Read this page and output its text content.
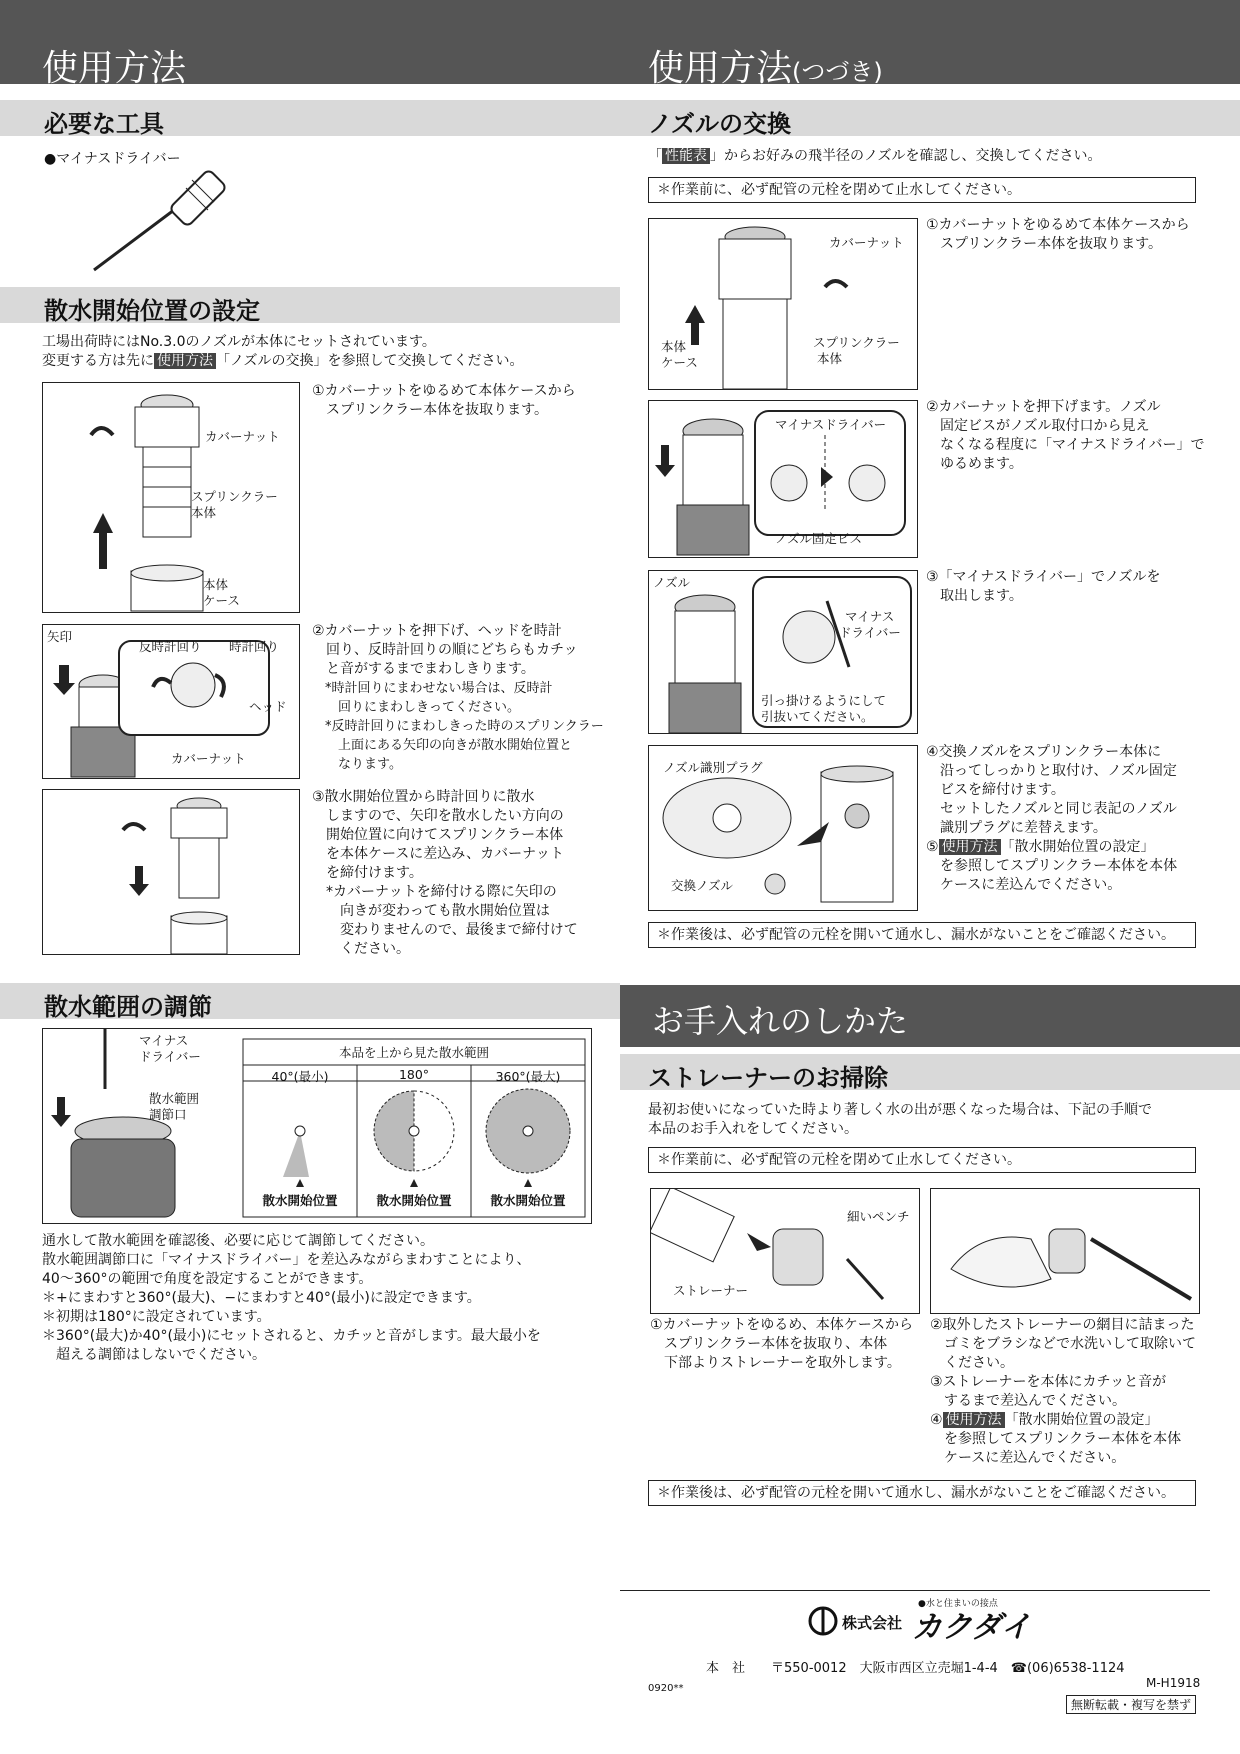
使用方法	使用方法(つづき)
必要な工具
●マイナスドライバー
散水開始位置の設定
工場出荷時にはNo.3.0のノズルが本体にセットされています。
変更する方は先に 使用方法 「ノズルの交換」を参照して交換してください。
カバーナット
スプリンクラー
本体
本体
ケース
①カバーナットをゆるめて本体ケースから
　スプリンクラー本体を抜取ります。
矢印
反時計回り 時計回り
ヘッド
カバーナット
②カバーナットを押下げ、ヘッドを時計
　回り、反時計回りの順にどちらもカチッ
　と音がするまでまわしきります。
　*時計回りにまわせない場合は、反時計
　　回りにまわしきってください。
　*反時計回りにまわしきった時のスプリンクラー
　　上面にある矢印の向きが散水開始位置と
　　なります。
③散水開始位置から時計回りに散水
　しますので、矢印を散水したい方向の
　開始位置に向けてスプリンクラー本体
　を本体ケースに差込み、カバーナット
　を締付けます。
　*カバーナットを締付ける際に矢印の
　　向きが変わっても散水開始位置は
　　変わりませんので、最後まで締付けて
　　ください。
散水範囲の調節
マイナス
ドライバー
散水範囲
調節口
本品を上から見た散水範囲
40°(最小)	180°	360°(最大)
散水開始位置	散水開始位置	散水開始位置
通水して散水範囲を確認後、必要に応じて調節してください。
散水範囲調節口に「マイナスドライバー」を差込みながらまわすことにより、
40～360°の範囲で角度を設定することができます。
＊+にまわすと360°(最大)、−にまわすと40°(最小)に設定できます。
＊初期は180°に設定されています。
＊360°(最大)か40°(最小)にセットされると、カチッと音がします。最大最小を
　超える調節はしないでください。
ノズルの交換
「 性能表 」からお好みの飛半径のノズルを確認し、交換してください。
＊作業前に、必ず配管の元栓を閉めて止水してください。
カバーナット
本体
ケース
スプリンクラー
本体
①カバーナットをゆるめて本体ケースから
　スプリンクラー本体を抜取ります。
マイナスドライバー
ノズル固定ビス
②カバーナットを押下げます。ノズル
　固定ビスがノズル取付口から見え
　なくなる程度に「マイナスドライバー」で
　ゆるめます。
ノズル
マイナス
ドライバー
引っ掛けるようにして
引抜いてください。
③「マイナスドライバー」でノズルを
　取出します。
ノズル識別プラグ
交換ノズル
④交換ノズルをスプリンクラー本体に
　沿ってしっかりと取付け、ノズル固定
　ビスを締付けます。
　セットしたノズルと同じ表記のノズル
　識別プラグに差替えます。
⑤ 使用方法 「散水開始位置の設定」
　を参照してスプリンクラー本体を本体
　ケースに差込んでください。
＊作業後は、必ず配管の元栓を開いて通水し、漏水がないことをご確認ください。
お手入れのしかた
ストレーナーのお掃除
最初お使いになっていた時より著しく水の出が悪くなった場合は、下記の手順で
本品のお手入れをしてください。
＊作業前に、必ず配管の元栓を閉めて止水してください。
細いペンチ
ストレーナー
①カバーナットをゆるめ、本体ケースから
　スプリンクラー本体を抜取り、本体
　下部よりストレーナーを取外します。
②取外したストレーナーの網目に詰まった
　ゴミをブラシなどで水洗いして取除いて
　ください。
③ストレーナーを本体にカチッと音が
　するまで差込んでください。
④ 使用方法 「散水開始位置の設定」
　を参照してスプリンクラー本体を本体
　ケースに差込んでください。
＊作業後は、必ず配管の元栓を開いて通水し、漏水がないことをご確認ください。
●水と住まいの接点
株式会社 カクダイ
本　社　　〒550-0012　大阪市西区立売堀1-4-4　☎(06)6538-1124
0920**	M-H1918
無断転載・複写を禁ず
